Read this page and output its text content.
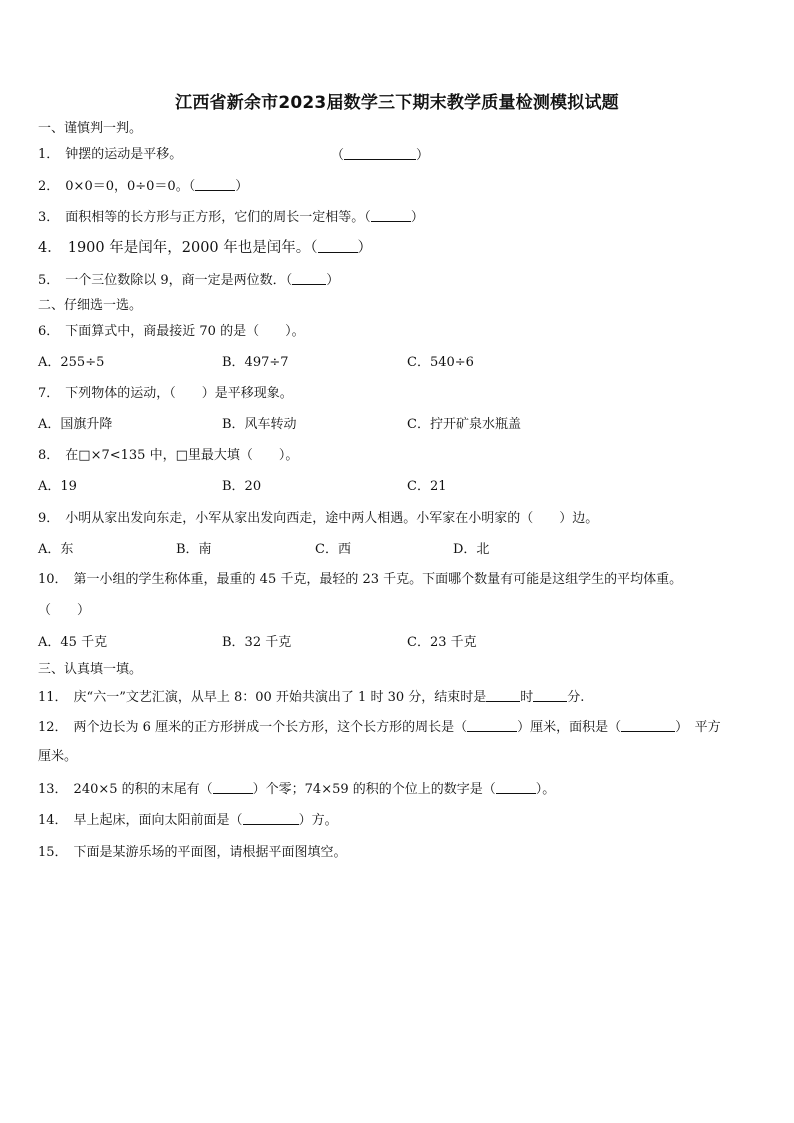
江西省新余市2023届数学三下期末教学质量检测模拟试题
一、谨慎判一判。
1． 钟摆的运动是平移。	（	）
2． 0×0＝0，0÷0＝0。（	）
3． 面积相等的长方形与正方形，它们的周长一定相等。（	）
4． 1900 年是闰年，2000 年也是闰年。（	）
5． 一个三位数除以 9，商一定是两位数．（	）
二、仔细选一选。
6． 下面算式中，商最接近 70 的是（　　）。
A．255÷5	B．497÷7	C．540÷6
7． 下列物体的运动，（　　）是平移现象。
A．国旗升降	B．风车转动	C．拧开矿泉水瓶盖
8． 在□×7<135 中，□里最大填（　　）。
A．19	B．20	C．21
9． 小明从家出发向东走，小军从家出发向西走，途中两人相遇。小军家在小明家的（　　）边。
A．东	B．南	C．西	D．北
10． 第一小组的学生称体重，最重的 45 千克，最轻的 23 千克。下面哪个数量有可能是这组学生的平均体重。
（　　）
A．45 千克	B．32 千克	C．23 千克
三、认真填一填。
11． 庆“六一”文艺汇演，从早上 8：00 开始共演出了 1 时 30 分，结束时是	时	分.
12． 两个边长为 6 厘米的正方形拼成一个长方形，这个长方形的周长是（	）厘米，面积是（	）　平方
厘米。
13． 240×5 的积的末尾有（	）个零；74×59 的积的个位上的数字是（	）。
14． 早上起床，面向太阳前面是（	）方。
15． 下面是某游乐场的平面图，请根据平面图填空。
